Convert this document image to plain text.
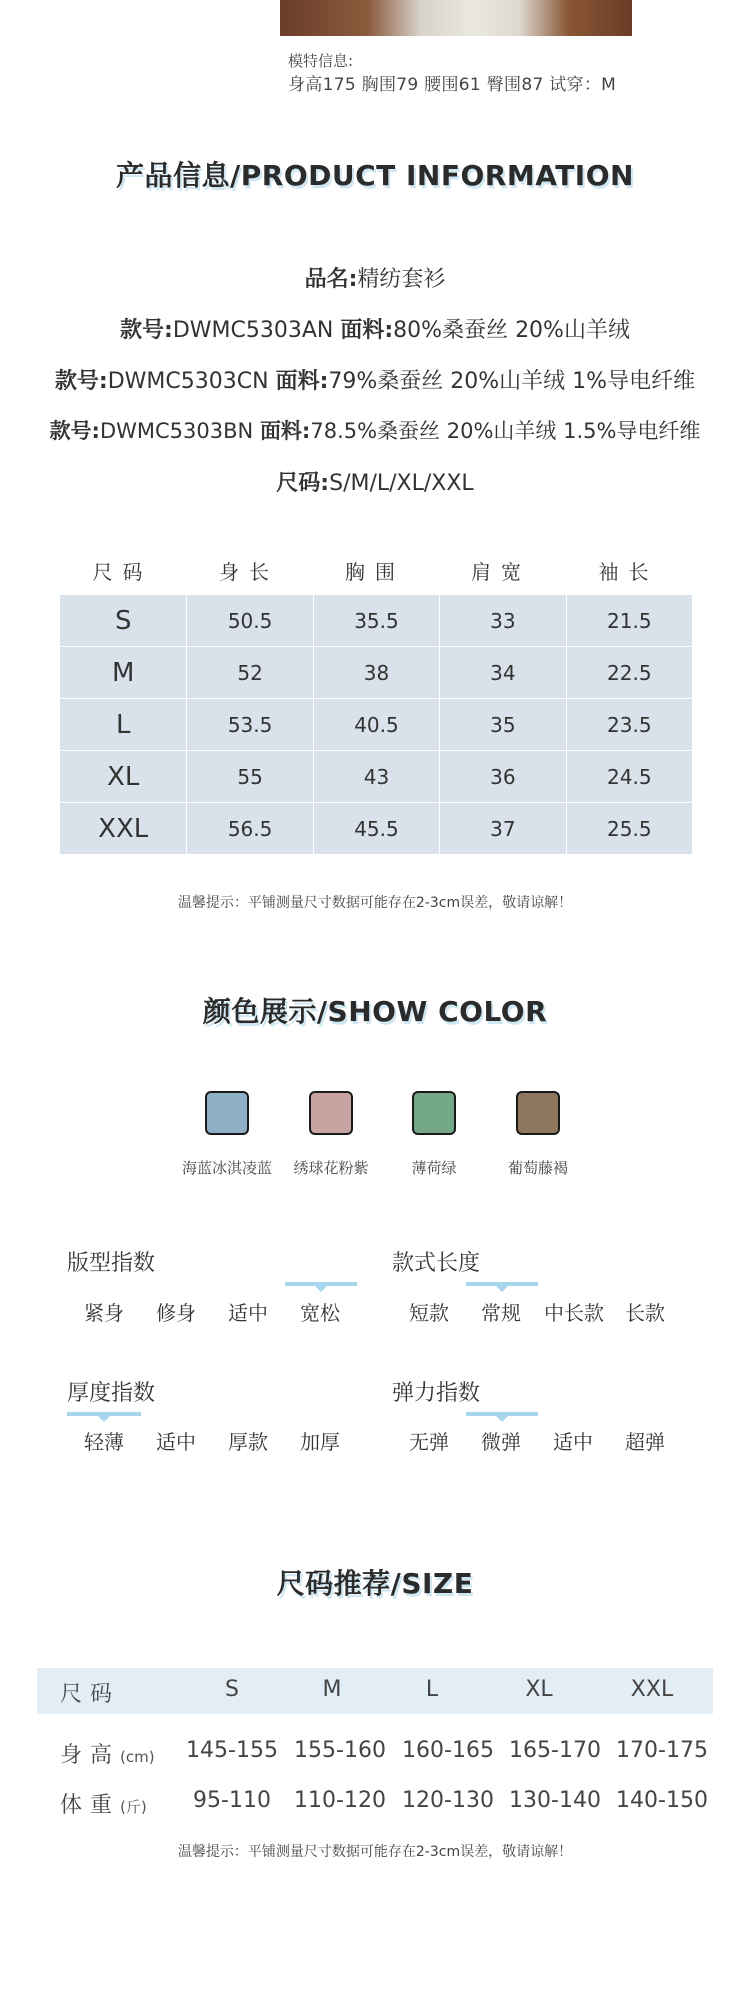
模特信息:
身高175 胸围79 腰围61 臀围87 试穿：M
产品信息/PRODUCT INFORMATION
品名:精纺套衫
款号:DWMC5303AN 面料:80%桑蚕丝 20%山羊绒
款号:DWMC5303CN 面料:79%桑蚕丝 20%山羊绒 1%导电纤维
款号:DWMC5303BN 面料:78.5%桑蚕丝 20%山羊绒 1.5%导电纤维
尺码:S/M/L/XL/XXL
尺码	身长	胸围	肩宽	袖长
S	50.5	35.5	33	21.5
M	52	38	34	22.5
L	53.5	40.5	35	23.5
XL	55	43	36	24.5
XXL	56.5	45.5	37	25.5
温馨提示：平铺测量尺寸数据可能存在2-3cm误差，敬请谅解！
颜色展示/SHOW COLOR
海蓝冰淇凌蓝	绣球花粉紫	薄荷绿	葡萄藤褐
版型指数
紧身 修身 适中 宽松
款式长度
短款 常规 中长款 长款
厚度指数
轻薄 适中 厚款 加厚
弹力指数
无弹 微弹 适中 超弹
尺码推荐/SIZE
尺码	S	M	L	XL	XXL
身高(cm) 145-155 155-160 160-165 165-170 170-175
体重(斤)	95-110	110-120 120-130 130-140 140-150
温馨提示：平铺测量尺寸数据可能存在2-3cm误差，敬请谅解！
